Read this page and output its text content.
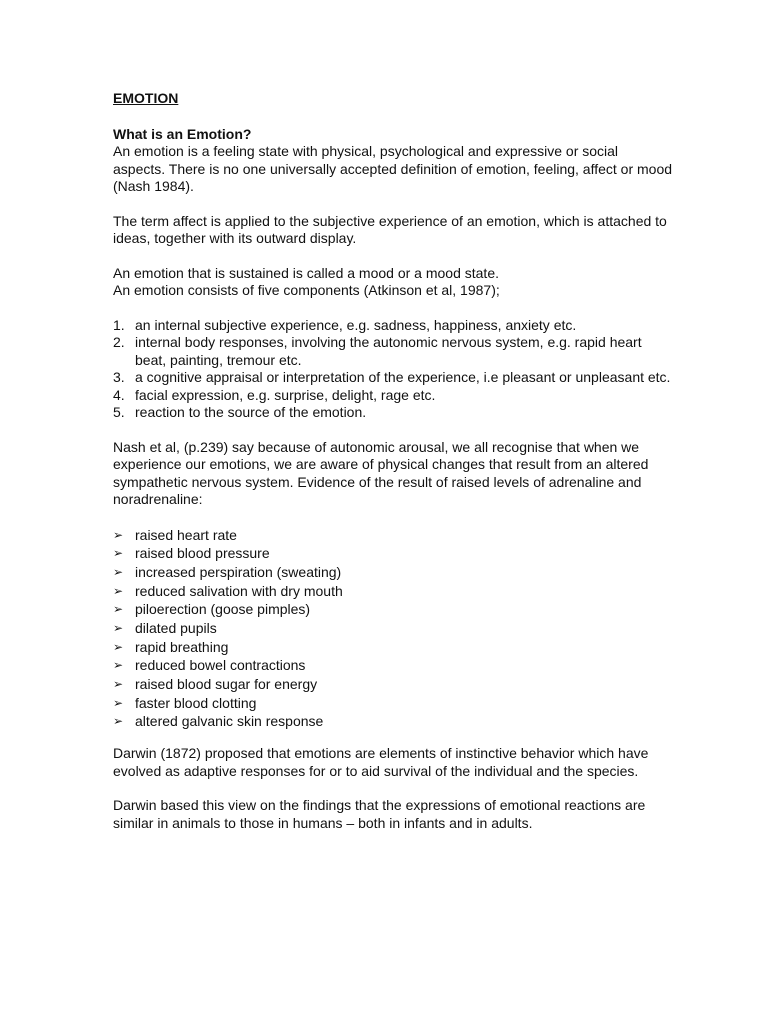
EMOTION
What is an Emotion?

An emotion is a feeling state with physical, psychological and expressive or social aspects. There is no one universally accepted definition of emotion, feeling, affect or mood (Nash 1984).

The term affect is applied to the subjective experience of an emotion, which is attached to ideas, together with its outward display.

An emotion that is sustained is called a mood or a mood state.

An emotion consists of five components (Atkinson et al, 1987);

1. an internal subjective experience, e.g. sadness, happiness, anxiety etc.
2. internal body responses, involving the autonomic nervous system, e.g. rapid heart beat, painting, tremour etc.
3. a cognitive appraisal or interpretation of the experience, i.e pleasant or unpleasant etc.
4. facial expression, e.g. surprise, delight, rage etc.
5. reaction to the source of the emotion.

Nash et al, (p.239) say because of autonomic arousal, we all recognise that when we experience our emotions, we are aware of physical changes that result from an altered sympathetic nervous system. Evidence of the result of raised levels of adrenaline and noradrenaline:

➢ raised heart rate
➢ raised blood pressure
➢ increased perspiration (sweating)
➢ reduced salivation with dry mouth
➢ piloerection (goose pimples)
➢ dilated pupils
➢ rapid breathing
➢ reduced bowel contractions
➢ raised blood sugar for energy
➢ faster blood clotting
➢ altered galvanic skin response

Darwin (1872) proposed that emotions are elements of instinctive behavior which have evolved as adaptive responses for or to aid survival of the individual and the species.

Darwin based this view on the findings that the expressions of emotional reactions are similar in animals to those in humans – both in infants and in adults.
